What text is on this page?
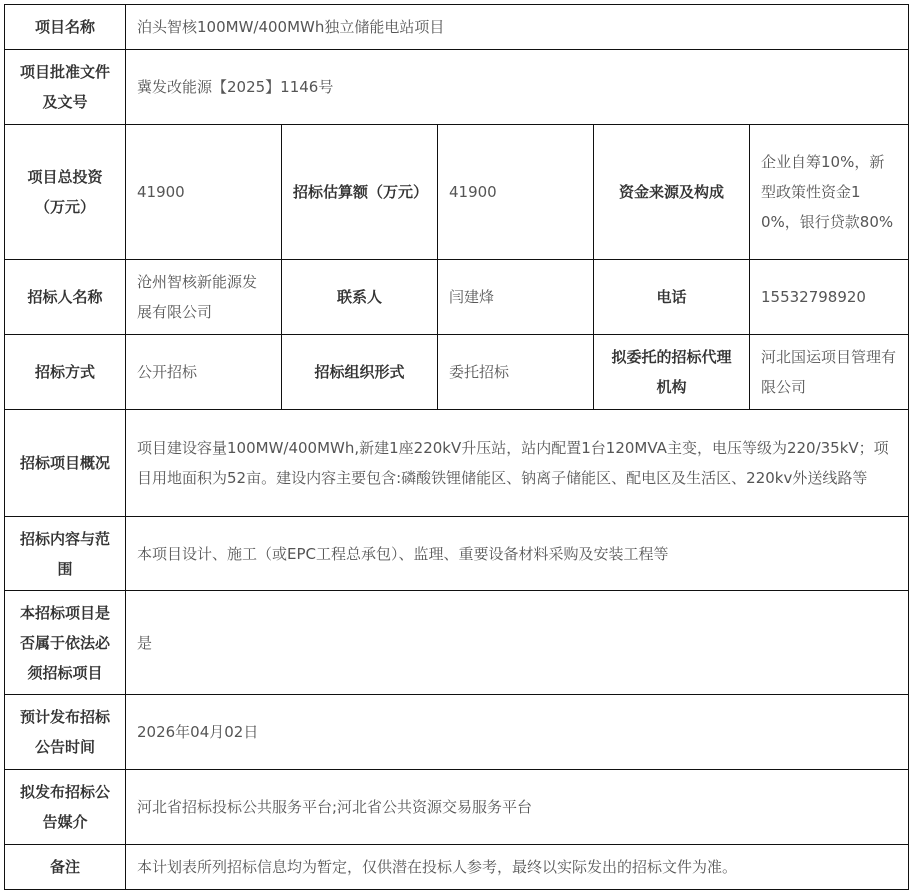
项目名称	泊头智核100MW/400MWh独立储能电站项目				
项目批准文件及文号	冀发改能源【2025】1146号				
项目总投资（万元）	41900	招标估算额（万元）	41900	资金来源及构成	企业自筹10%，新型政策性资金10%，银行贷款80%
招标人名称	沧州智核新能源发展有限公司	联系人	闫建烽	电话	15532798920
招标方式	公开招标	招标组织形式	委托招标	拟委托的招标代理机构	河北国运项目管理有限公司
招标项目概况	项目建设容量100MW/400MWh,新建1座220kV升压站，站内配置1台120MVA主变，电压等级为220/35kV；项目用地面积为52亩。建设内容主要包含:磷酸铁锂储能区、钠离子储能区、配电区及生活区、220kv外送线路等				
招标内容与范围	本项目设计、施工（或EPC工程总承包）、监理、重要设备材料采购及安装工程等				
本招标项目是否属于依法必须招标项目	是				
预计发布招标公告时间	2026年04月02日				
拟发布招标公告媒介	河北省招标投标公共服务平台;河北省公共资源交易服务平台				
备注	本计划表所列招标信息均为暂定，仅供潜在投标人参考，最终以实际发出的招标文件为准。				
